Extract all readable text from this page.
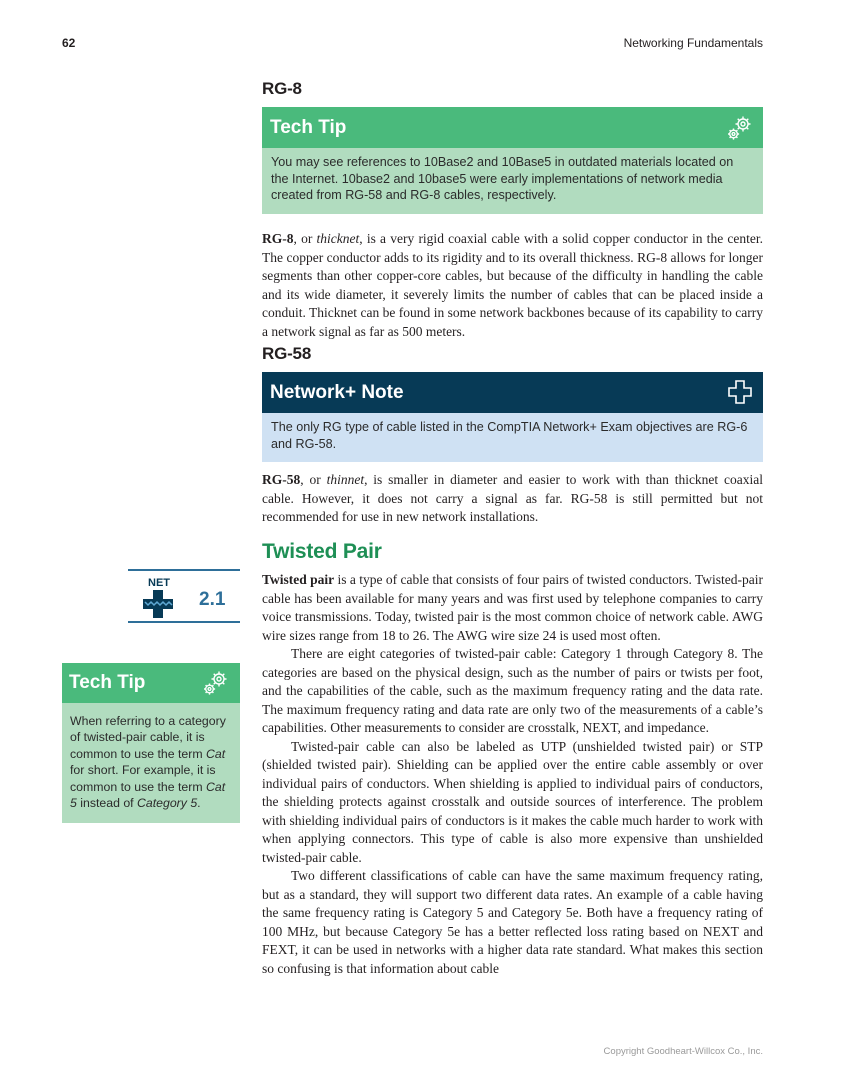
62	Networking Fundamentals
RG-8
Tech Tip
You may see references to 10Base2 and 10Base5 in outdated materials located on the Internet. 10base2 and 10base5 were early implementations of network media created from RG-58 and RG-8 cables, respectively.

RG-8, or thicknet, is a very rigid coaxial cable with a solid copper conductor in the center. The copper conductor adds to its rigidity and to its overall thickness. RG-8 allows for longer segments than other copper-core cables, but because of the difficulty in handling the cable and its wide diameter, it severely limits the number of cables that can be placed inside a conduit. Thicknet can be found in some network backbones because of its capability to carry a network signal as far as 500 meters.

RG-58
Network+ Note
The only RG type of cable listed in the CompTIA Network+ Exam objectives are RG-6 and RG-58.

RG-58, or thinnet, is smaller in diameter and easier to work with than thicknet coaxial cable. However, it does not carry a signal as far. RG-58 is still permitted but not recommended for use in new network installations.

Twisted Pair

Twisted pair is a type of cable that consists of four pairs of twisted conductors. Twisted-pair cable has been available for many years and was first used by telephone companies to carry voice transmissions. Today, twisted pair is the most common choice of network cable. AWG wire sizes range from 18 to 26. The AWG wire size 24 is used most often.

There are eight categories of twisted-pair cable: Category 1 through Category 8. The categories are based on the physical design, such as the number of pairs or twists per foot, and the capabilities of the cable, such as the maximum frequency rating and the data rate. The maximum frequency rating and data rate are only two of the measurements of a cable’s capabilities. Other measurements to consider are crosstalk, NEXT, and impedance.

Twisted-pair cable can also be labeled as UTP (unshielded twisted pair) or STP (shielded twisted pair). Shielding can be applied over the entire cable assembly or over individual pairs of conductors. When shielding is applied to individual pairs of conductors, the shielding protects against crosstalk and outside sources of interference. The problem with shielding individual pairs of conductors is it makes the cable much harder to work with when applying connectors. This type of cable is also more expensive than unshielded twisted-pair cable.

Two different classifications of cable can have the same maximum frequency rating, but as a standard, they will support two different data rates. An example of a cable having the same frequency rating is Category 5 and Category 5e. Both have a frequency rating of 100 MHz, but because Category 5e has a better reflected loss rating based on NEXT and FEXT, it can be used in networks with a higher data rate standard. What makes this section so confusing is that information about cable

NET
2.1
Tech Tip
When referring to a category of twisted-pair cable, it is common to use the term Cat for short. For example, it is common to use the term Cat 5 instead of Category 5.
Copyright Goodheart-Willcox Co., Inc.
